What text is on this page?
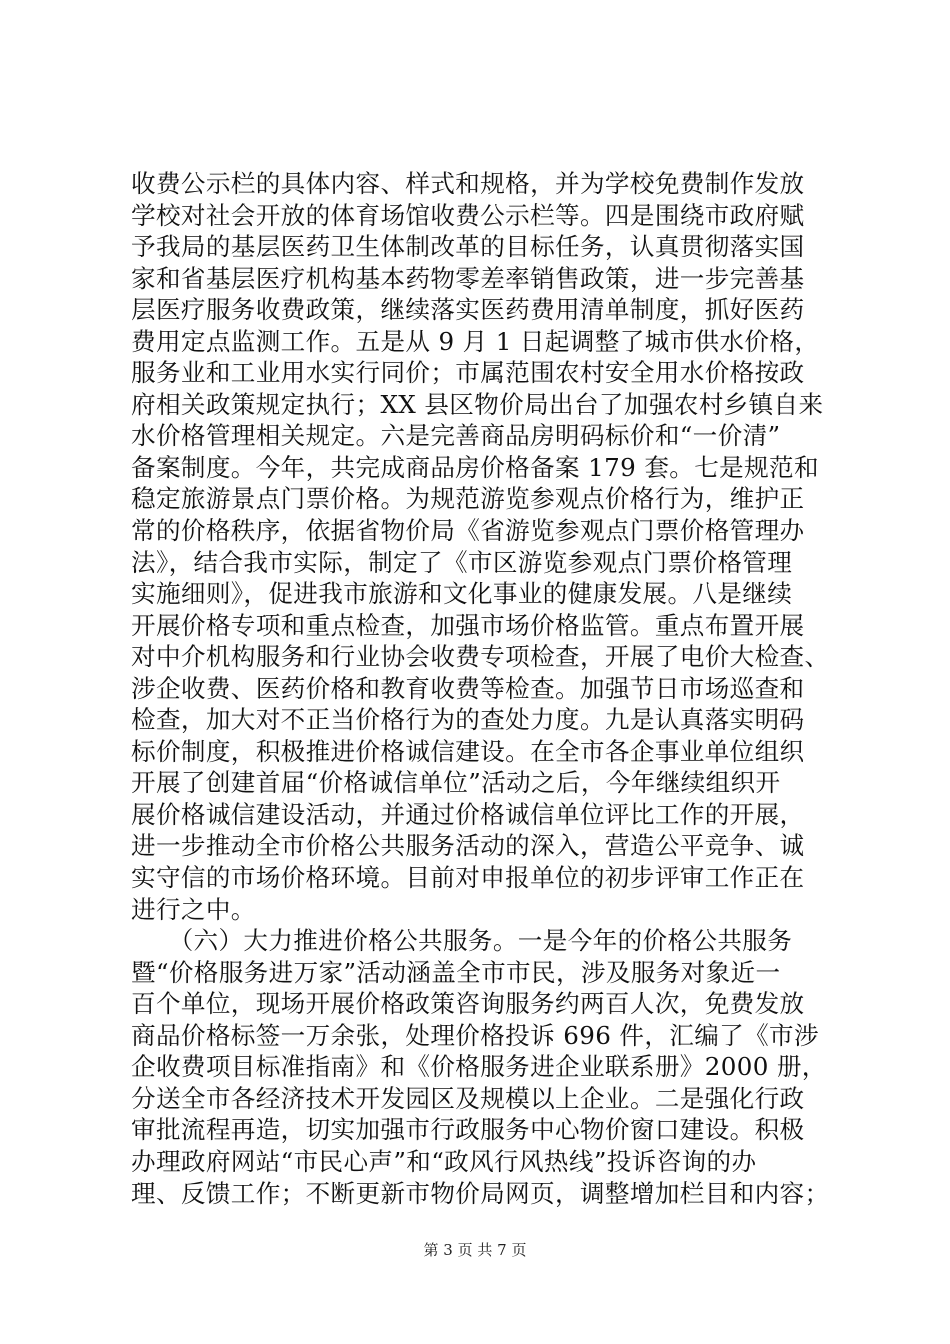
收费公示栏的具体内容、样式和规格，并为学校免费制作发放
学校对社会开放的体育场馆收费公示栏等。四是围绕市政府赋
予我局的基层医药卫生体制改革的目标任务，认真贯彻落实国
家和省基层医疗机构基本药物零差率销售政策，进一步完善基
层医疗服务收费政策，继续落实医药费用清单制度，抓好医药
费用定点监测工作。五是从 9 月 1 日起调整了城市供水价格，
服务业和工业用水实行同价；市属范围农村安全用水价格按政
府相关政策规定执行；XX 县区物价局出台了加强农村乡镇自来
水价格管理相关规定。六是完善商品房明码标价和“一价清”
备案制度。今年，共完成商品房价格备案 179 套。七是规范和
稳定旅游景点门票价格。为规范游览参观点价格行为，维护正
常的价格秩序，依据省物价局《省游览参观点门票价格管理办
法》，结合我市实际，制定了《市区游览参观点门票价格管理
实施细则》，促进我市旅游和文化事业的健康发展。八是继续
开展价格专项和重点检查，加强市场价格监管。重点布置开展
对中介机构服务和行业协会收费专项检查，开展了电价大检查、
涉企收费、医药价格和教育收费等检查。加强节日市场巡查和
检查，加大对不正当价格行为的查处力度。九是认真落实明码
标价制度，积极推进价格诚信建设。在全市各企事业单位组织
开展了创建首届“价格诚信单位”活动之后，今年继续组织开
展价格诚信建设活动，并通过价格诚信单位评比工作的开展，
进一步推动全市价格公共服务活动的深入，营造公平竞争、诚
实守信的市场价格环境。目前对申报单位的初步评审工作正在
进行之中。
　　（六）大力推进价格公共服务。一是今年的价格公共服务
暨“价格服务进万家”活动涵盖全市市民，涉及服务对象近一
百个单位，现场开展价格政策咨询服务约两百人次，免费发放
商品价格标签一万余张，处理价格投诉 696 件，汇编了《市涉
企收费项目标准指南》和《价格服务进企业联系册》2000 册，
分送全市各经济技术开发园区及规模以上企业。二是强化行政
审批流程再造，切实加强市行政服务中心物价窗口建设。积极
办理政府网站“市民心声”和“政风行风热线”投诉咨询的办
理、反馈工作；不断更新市物价局网页，调整增加栏目和内容；
第 3 页 共 7 页
